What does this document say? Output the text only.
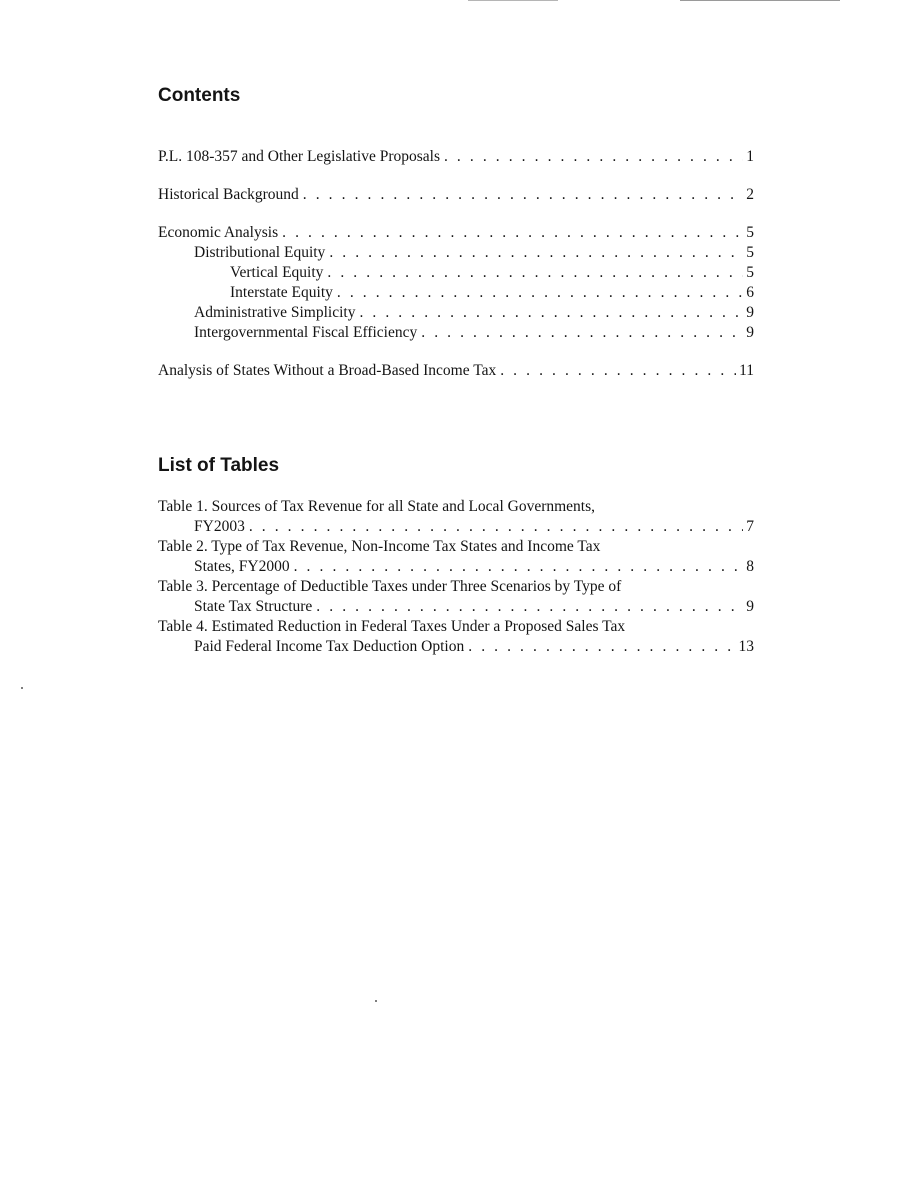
Contents
P.L. 108-357 and Other Legislative Proposals . . .	1
Historical Background . . .	2
Economic Analysis . . .	5
Distributional Equity . . .	5
Vertical Equity . . .	5
Interstate Equity . . .	6
Administrative Simplicity . . .	9
Intergovernmental Fiscal Efficiency . . .	9
Analysis of States Without a Broad-Based Income Tax . . .	11
List of Tables
Table 1. Sources of Tax Revenue for all State and Local Governments,
FY2003 . . .	7
Table 2. Type of Tax Revenue, Non-Income Tax States and Income Tax
States, FY2000 . . .	8
Table 3. Percentage of Deductible Taxes under Three Scenarios by Type of
State Tax Structure . . .	9
Table 4. Estimated Reduction in Federal Taxes Under a Proposed Sales Tax
Paid Federal Income Tax Deduction Option . . .	13
